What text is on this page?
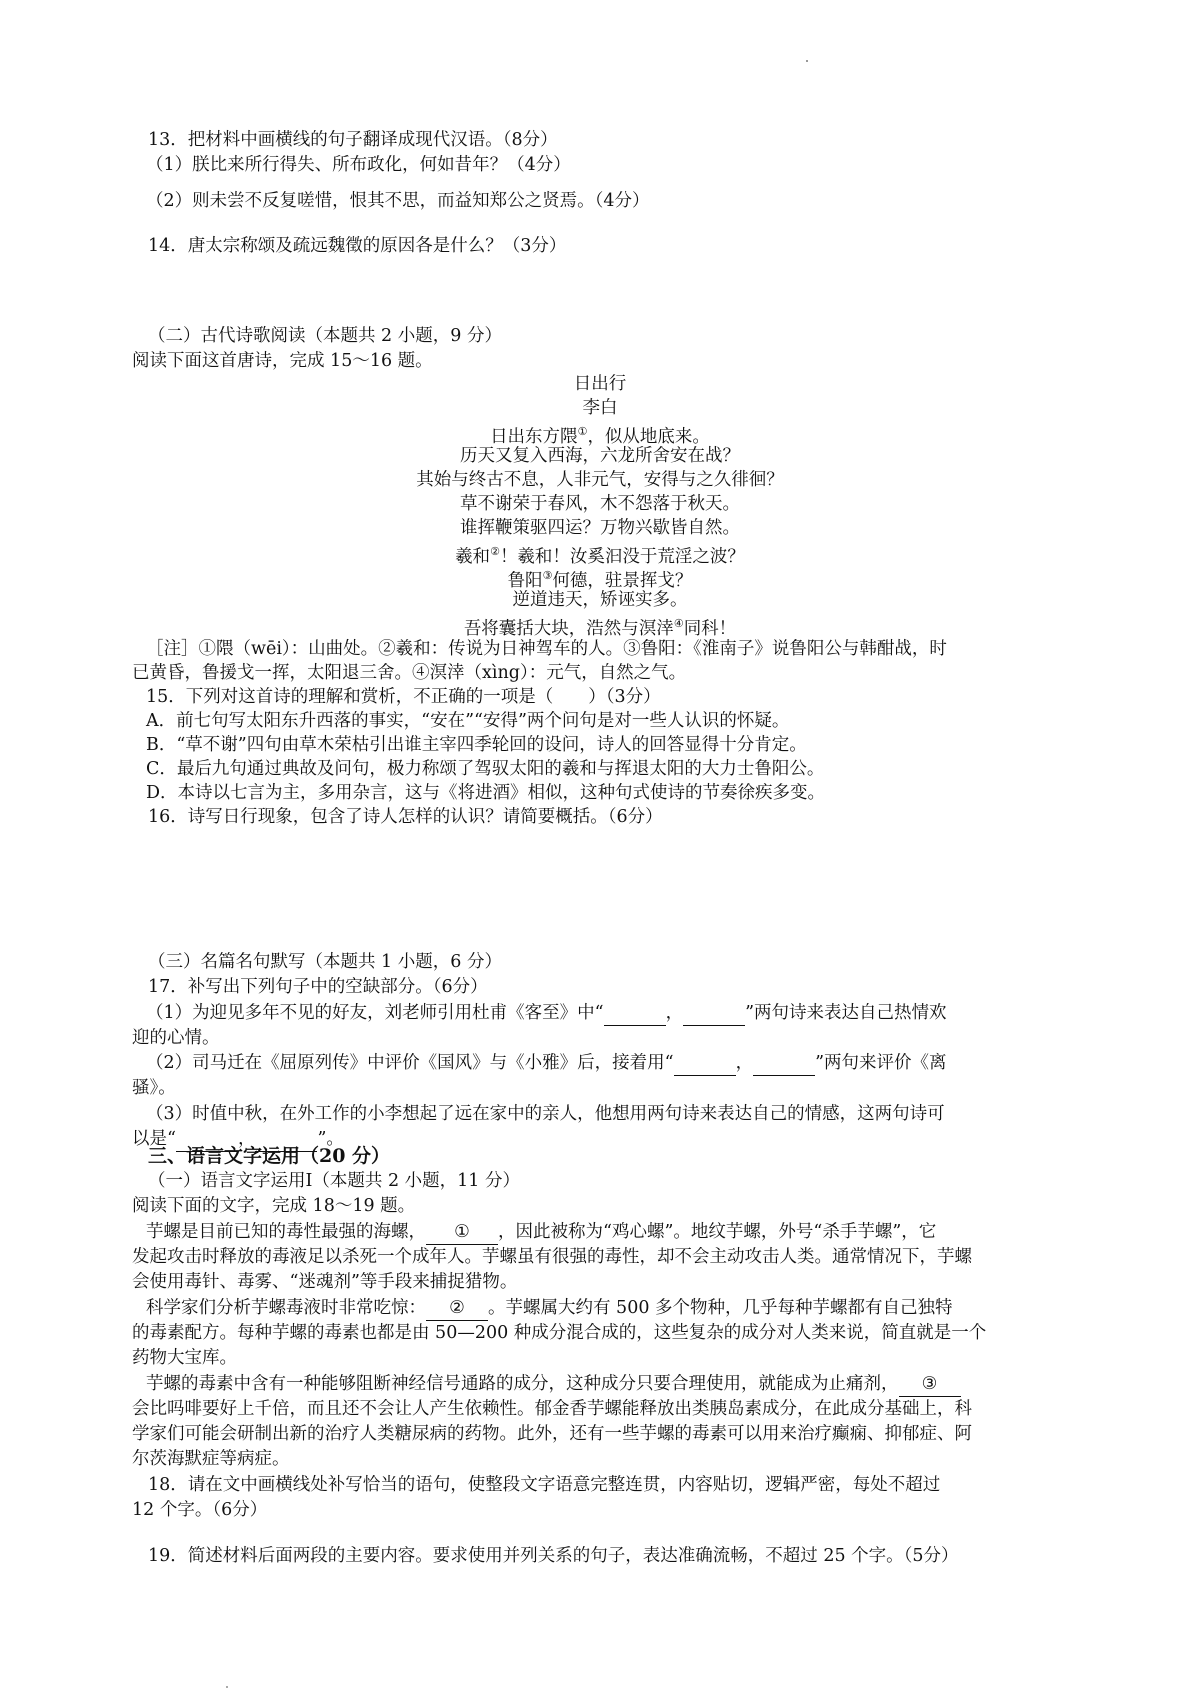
13．把材料中画横线的句子翻译成现代汉语。（8分）
（1）朕比来所行得失、所布政化，何如昔年？（4分）
（2）则未尝不反复嗟惜，恨其不思，而益知郑公之贤焉。（4分）
14．唐太宗称颂及疏远魏徵的原因各是什么？（3分）
（二）古代诗歌阅读（本题共 2 小题，9 分）
阅读下面这首唐诗，完成 15～16 题。
日出行
李白
日出东方隈①，似从地底来。
历天又复入西海，六龙所舍安在战？
其始与终古不息，人非元气，安得与之久徘徊？
草不谢荣于春风，木不怨落于秋天。
谁挥鞭策驱四运？万物兴歇皆自然。
羲和②！羲和！汝奚汩没于荒淫之波？
鲁阳③何德，驻景挥戈？
逆道违天，矫诬实多。
吾将囊括大块，浩然与溟涬④同科！
［注］①隈（wēi）：山曲处。②羲和：传说为日神驾车的人。③鲁阳：《淮南子》说鲁阳公与韩酣战，时
已黄昏，鲁援戈一挥，太阳退三舍。④溟涬（xìng）：元气，自然之气。
15．下列对这首诗的理解和赏析，不正确的一项是（　　）（3分）
A．前七句写太阳东升西落的事实，“安在”“安得”两个问句是对一些人认识的怀疑。
B．“草不谢”四句由草木荣枯引出谁主宰四季轮回的设问，诗人的回答显得十分肯定。
C．最后九句通过典故及问句，极力称颂了驾驭太阳的羲和与挥退太阳的大力士鲁阳公。
D．本诗以七言为主，多用杂言，这与《将进酒》相似，这种句式使诗的节奏徐疾多变。
16．诗写日行现象，包含了诗人怎样的认识？请简要概括。（6分）
（三）名篇名句默写（本题共 1 小题，6 分）
17．补写出下列句子中的空缺部分。（6分）
（1）为迎见多年不见的好友，刘老师引用杜甫《客至》中“	，	”两句诗来表达自己热情欢
迎的心情。
（2）司马迁在《屈原列传》中评价《国风》与《小雅》后，接着用“	，	”两句来评价《离
骚》。
（3）时值中秋，在外工作的小李想起了远在家中的亲人，他想用两句诗来表达自己的情感，这两句诗可
以是“	，	”。
三、语言文字运用（20 分）
（一）语言文字运用Ⅰ（本题共 2 小题，11 分）
阅读下面的文字，完成 18～19 题。
芋螺是目前已知的毒性最强的海螺， ① ，因此被称为“鸡心螺”。地纹芋螺，外号“杀手芋螺”，它
发起攻击时释放的毒液足以杀死一个成年人。芋螺虽有很强的毒性，却不会主动攻击人类。通常情况下，芋螺
会使用毒针、毒雾、“迷魂剂”等手段来捕捉猎物。
科学家们分析芋螺毒液时非常吃惊： ② 。芋螺属大约有 500 多个物种，几乎每种芋螺都有自己独特
的毒素配方。每种芋螺的毒素也都是由 50—200 种成分混合成的，这些复杂的成分对人类来说，简直就是一个
药物大宝库。
芋螺的毒素中含有一种能够阻断神经信号通路的成分，这种成分只要合理使用，就能成为止痛剂， ③
会比吗啡要好上千倍，而且还不会让人产生依赖性。郁金香芋螺能释放出类胰岛素成分，在此成分基础上，科
学家们可能会研制出新的治疗人类糖尿病的药物。此外，还有一些芋螺的毒素可以用来治疗癫痫、抑郁症、阿
尔茨海默症等病症。
18．请在文中画横线处补写恰当的语句，使整段文字语意完整连贯，内容贴切，逻辑严密，每处不超过
12 个字。（6分）
19．简述材料后面两段的主要内容。要求使用并列关系的句子，表达准确流畅，不超过 25 个字。（5分）
